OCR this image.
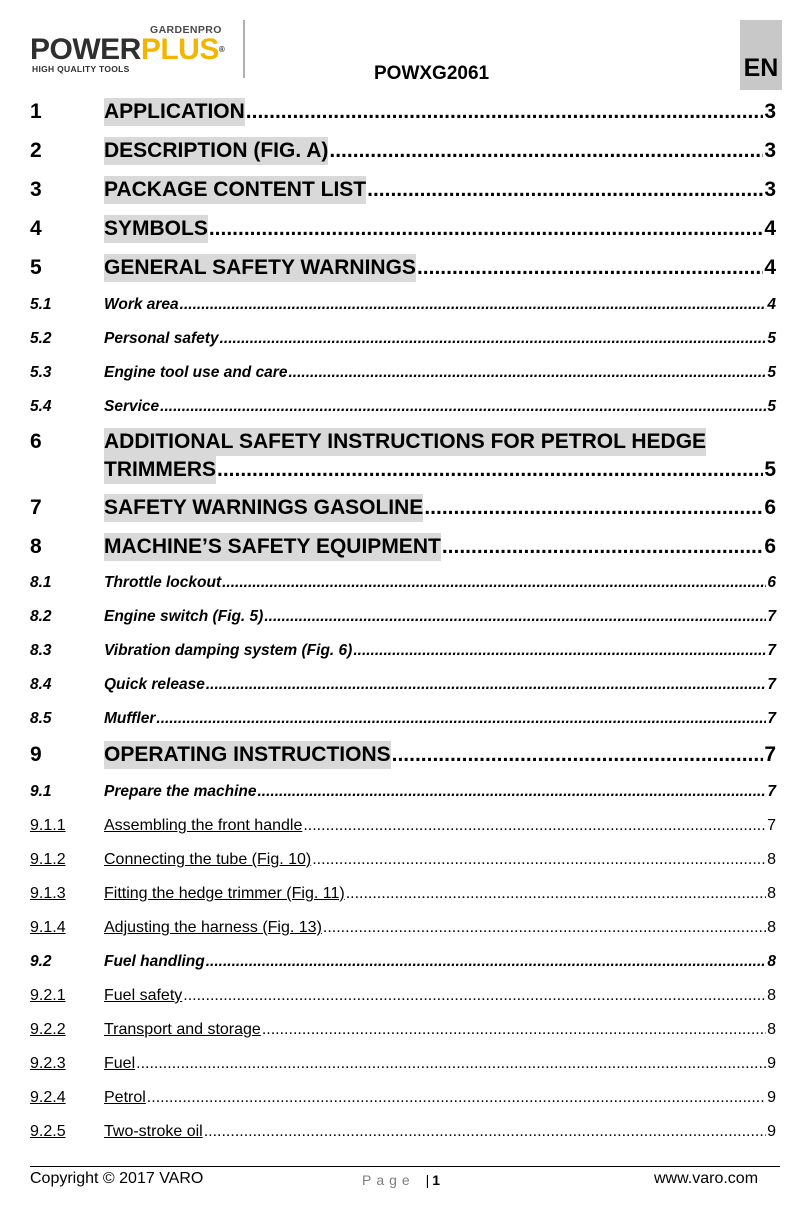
GARDENPRO
POWERPLUS®
HIGH QUALITY TOOLS	POWXG2061	EN
1	APPLICATION .....	3
2	DESCRIPTION (FIG. A) .....	3
3	PACKAGE CONTENT LIST .....	3
4	SYMBOLS .....	4
5	GENERAL SAFETY WARNINGS .....	4
5.1	Work area .....	4
5.2	Personal safety .....	5
5.3	Engine tool use and care .....	5
5.4	Service .....	5
6	ADDITIONAL SAFETY INSTRUCTIONS FOR PETROL HEDGE
TRIMMERS .....	5
7	SAFETY WARNINGS GASOLINE .....	6
8	MACHINE’S SAFETY EQUIPMENT .....	6
8.1	Throttle lockout .....	6
8.2	Engine switch (Fig. 5) .....	7
8.3	Vibration damping system (Fig. 6) .....	7
8.4	Quick release .....	7
8.5	Muffler .....	7
9	OPERATING INSTRUCTIONS .....	7
9.1	Prepare the machine .....	7
9.1.1 Assembling the front handle .....	7
9.1.2 Connecting the tube (Fig. 10) .....	8
9.1.3 Fitting the hedge trimmer (Fig. 11) .....	8
9.1.4 Adjusting the harness (Fig. 13) .....	8
9.2	Fuel handling .....	8
9.2.1 Fuel safety .....	8
9.2.2 Transport and storage .....	8
9.2.3 Fuel .....	9
9.2.4 Petrol .....	9
9.2.5 Two-stroke oil .....	9
Copyright © 2017 VARO	Page | 1	www.varo.com
